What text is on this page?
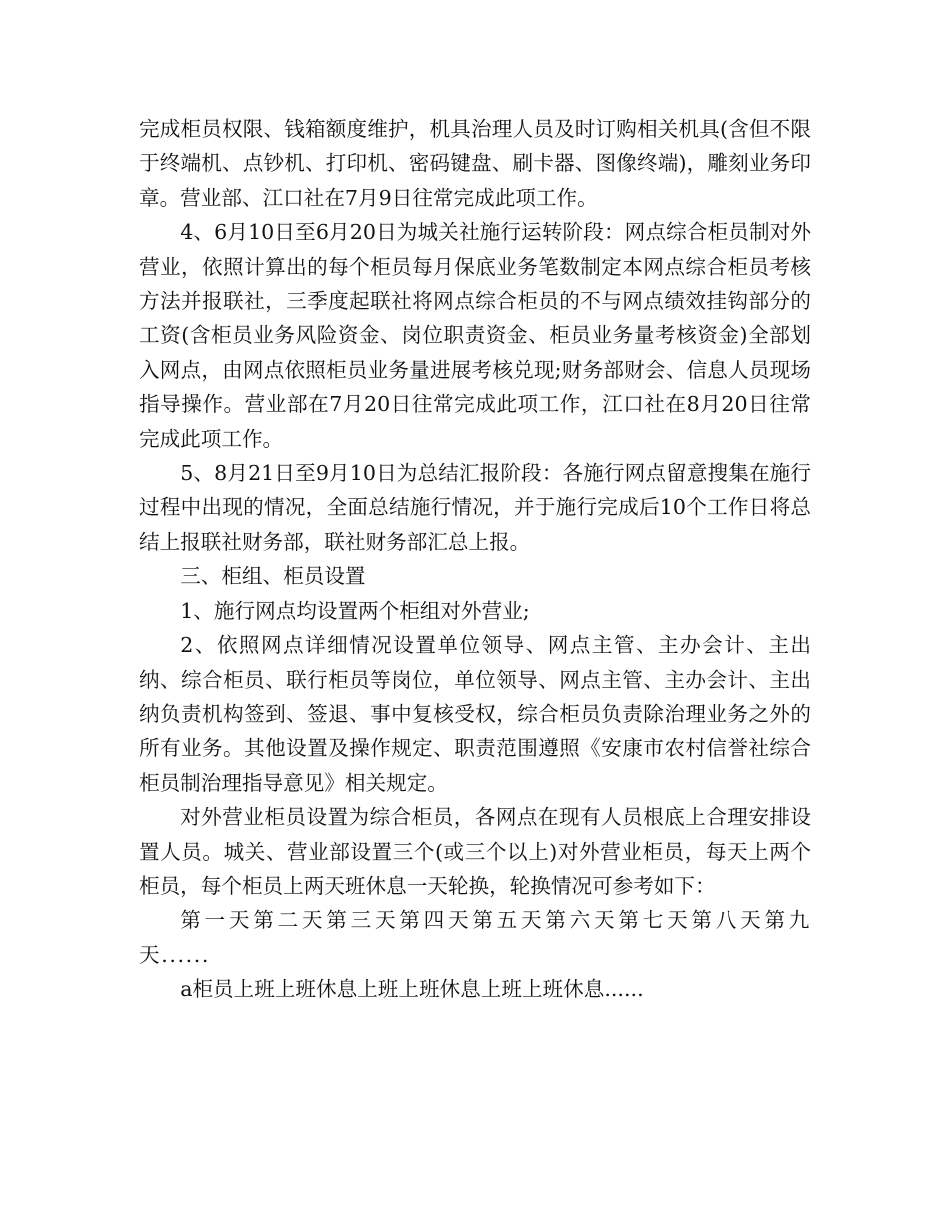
完成柜员权限、钱箱额度维护，机具治理人员及时订购相关机具(含但不限于终端机、点钞机、打印机、密码键盘、刷卡器、图像终端)，雕刻业务印章。营业部、江口社在7月9日往常完成此项工作。

4、6月10日至6月20日为城关社施行运转阶段：网点综合柜员制对外营业，依照计算出的每个柜员每月保底业务笔数制定本网点综合柜员考核方法并报联社，三季度起联社将网点综合柜员的不与网点绩效挂钩部分的工资(含柜员业务风险资金、岗位职责资金、柜员业务量考核资金)全部划入网点，由网点依照柜员业务量进展考核兑现;财务部财会、信息人员现场指导操作。营业部在7月20日往常完成此项工作，江口社在8月20日往常完成此项工作。

5、8月21日至9月10日为总结汇报阶段：各施行网点留意搜集在施行过程中出现的情况，全面总结施行情况，并于施行完成后10个工作日将总结上报联社财务部，联社财务部汇总上报。

三、柜组、柜员设置

1、施行网点均设置两个柜组对外营业;

2、依照网点详细情况设置单位领导、网点主管、主办会计、主出纳、综合柜员、联行柜员等岗位，单位领导、网点主管、主办会计、主出纳负责机构签到、签退、事中复核受权，综合柜员负责除治理业务之外的所有业务。其他设置及操作规定、职责范围遵照《安康市农村信誉社综合柜员制治理指导意见》相关规定。

对外营业柜员设置为综合柜员，各网点在现有人员根底上合理安排设置人员。城关、营业部设置三个(或三个以上)对外营业柜员，每天上两个柜员，每个柜员上两天班休息一天轮换，轮换情况可参考如下：

第一天第二天第三天第四天第五天第六天第七天第八天第九天......

a柜员上班上班休息上班上班休息上班上班休息......
